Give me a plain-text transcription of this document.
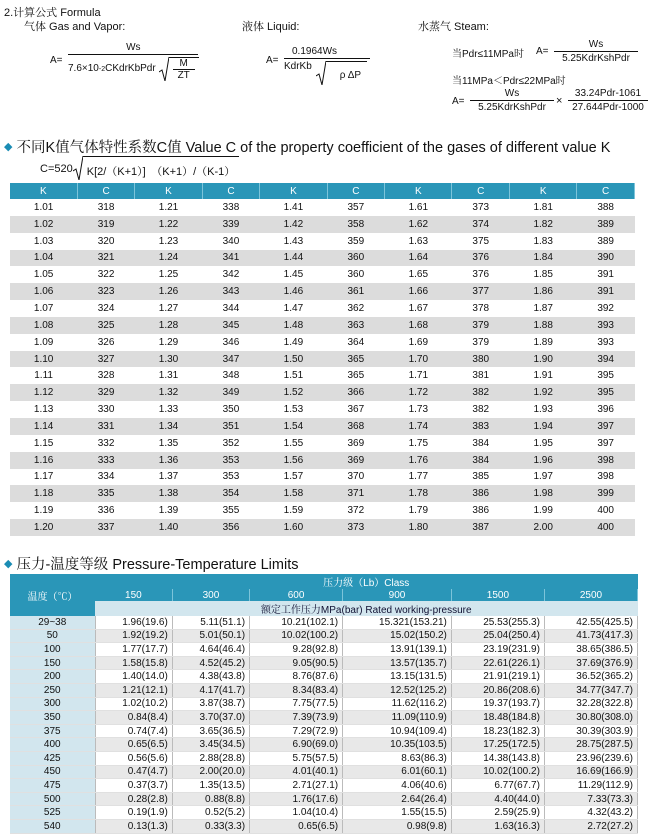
2.计算公式 Formula
气体 Gas and Vapor:
A=
Ws
7.6×10 -2 CKdrKbPdr M
ZT
液体 Liquid:
A=
0.1964Ws
KdrKb
ρ ΔP
水蒸气 Steam:
当Pdr≤11MPa时 A=
Ws
5.25KdrKshPdr
当11MPa＜Pdr≤22MPa时
A=
Ws
5.25KdrKshPdr
×
33.24Pdr-1061
27.644Pdr-1000
◆ 不同K值气体特性系数C值 Value C of the property coefficient of the gases of different value K
C=520	K[2/（K+1）]　（K+1）/（K-1）
K	C	K	C	K	C	K	C	K	C
1.01	318	1.21	338	1.41	357	1.61	373	1.81	388
1.02	319	1.22	339	1.42	358	1.62	374	1.82	389
1.03	320	1.23	340	1.43	359	1.63	375	1.83	389
1.04	321	1.24	341	1.44	360	1.64	376	1.84	390
1.05	322	1.25	342	1.45	360	1.65	376	1.85	391
1.06	323	1.26	343	1.46	361	1.66	377	1.86	391
1.07	324	1.27	344	1.47	362	1.67	378	1.87	392
1.08	325	1.28	345	1.48	363	1.68	379	1.88	393
1.09	326	1.29	346	1.49	364	1.69	379	1.89	393
1.10	327	1.30	347	1.50	365	1.70	380	1.90	394
1.11	328	1.31	348	1.51	365	1.71	381	1.91	395
1.12	329	1.32	349	1.52	366	1.72	382	1.92	395
1.13	330	1.33	350	1.53	367	1.73	382	1.93	396
1.14	331	1.34	351	1.54	368	1.74	383	1.94	397
1.15	332	1.35	352	1.55	369	1.75	384	1.95	397
1.16	333	1.36	353	1.56	369	1.76	384	1.96	398
1.17	334	1.37	353	1.57	370	1.77	385	1.97	398
1.18	335	1.38	354	1.58	371	1.78	386	1.98	399
1.19	336	1.39	355	1.59	372	1.79	386	1.99	400
1.20	337	1.40	356	1.60	373	1.80	387	2.00	400
◆ 压力-温度等级 Pressure-Temperature Limits
温度（℃）	压力级（Lb）Class					
	150	300	600	900	1500	2500
	额定工作压力MPa(bar) Rated working-pressure					
29~38	1.96(19.6)	5.11(51.1)	10.21(102.1)	15.321(153.21)	25.53(255.3)	42.55(425.5)
50	1.92(19.2)	5.01(50.1)	10.02(100.2)	15.02(150.2)	25.04(250.4)	41.73(417.3)
100	1.77(17.7)	4.64(46.4)	9.28(92.8)	13.91(139.1)	23.19(231.9)	38.65(386.5)
150	1.58(15.8)	4.52(45.2)	9.05(90.5)	13.57(135.7)	22.61(226.1)	37.69(376.9)
200	1.40(14.0)	4.38(43.8)	8.76(87.6)	13.15(131.5)	21.91(219.1)	36.52(365.2)
250	1.21(12.1)	4.17(41.7)	8.34(83.4)	12.52(125.2)	20.86(208.6)	34.77(347.7)
300	1.02(10.2)	3.87(38.7)	7.75(77.5)	11.62(116.2)	19.37(193.7)	32.28(322.8)
350	0.84(8.4)	3.70(37.0)	7.39(73.9)	11.09(110.9)	18.48(184.8)	30.80(308.0)
375	0.74(7.4)	3.65(36.5)	7.29(72.9)	10.94(109.4)	18.23(182.3)	30.39(303.9)
400	0.65(6.5)	3.45(34.5)	6.90(69.0)	10.35(103.5)	17.25(172.5)	28.75(287.5)
425	0.56(5.6)	2.88(28.8)	5.75(57.5)	8.63(86.3)	14.38(143.8)	23.96(239.6)
450	0.47(4.7)	2.00(20.0)	4.01(40.1)	6.01(60.1)	10.02(100.2)	16.69(166.9)
475	0.37(3.7)	1.35(13.5)	2.71(27.1)	4.06(40.6)	6.77(67.7)	11.29(112.9)
500	0.28(2.8)	0.88(8.8)	1.76(17.6)	2.64(26.4)	4.40(44.0)	7.33(73.3)
525	0.19(1.9)	0.52(5.2)	1.04(10.4)	1.55(15.5)	2.59(25.9)	4.32(43.2)
540	0.13(1.3)	0.33(3.3)	0.65(6.5)	0.98(9.8)	1.63(16.3)	2.72(27.2)
